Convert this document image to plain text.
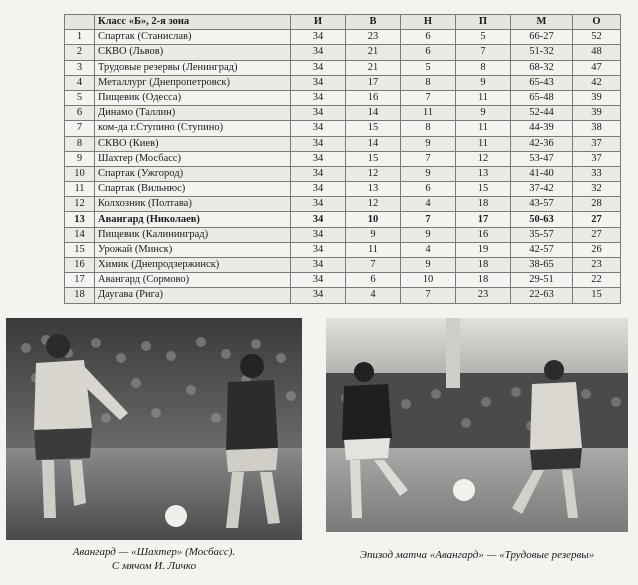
	Класс «Б», 2-я зона	И	В	Н	П	М	О
1	Спартак (Станислав)	34	23	6	5	66-27	52
2	СКВО (Львов)	34	21	6	7	51-32	48
3	Трудовые резервы (Ленинград)	34	21	5	8	68-32	47
4	Металлург (Днепропетровск)	34	17	8	9	65-43	42
5	Пищевик (Одесса)	34	16	7	11	65-48	39
6	Динамо (Таллин)	34	14	11	9	52-44	39
7	ком-да г.Ступино (Ступино)	34	15	8	11	44-39	38
8	СКВО (Киев)	34	14	9	11	42-36	37
9	Шахтер (Мосбасс)	34	15	7	12	53-47	37
10	Спартак (Ужгород)	34	12	9	13	41-40	33
11	Спартак (Вильнюс)	34	13	6	15	37-42	32
12	Колхозник (Полтава)	34	12	4	18	43-57	28
13	Авангард (Николаев)	34	10	7	17	50-63	27
14	Пищевик (Калининград)	34	9	9	16	35-57	27
15	Урожай (Минск)	34	11	4	19	42-57	26
16	Химик (Днепродзержинск)	34	7	9	18	38-65	23
17	Авангард (Сормово)	34	6	10	18	29-51	22
18	Даугава (Рига)	34	4	7	23	22-63	15
Авангард — «Шахтер» (Мосбасс).
С мячом И. Личко
Эпизод матча «Авангард» — «Трудовые резервы»
